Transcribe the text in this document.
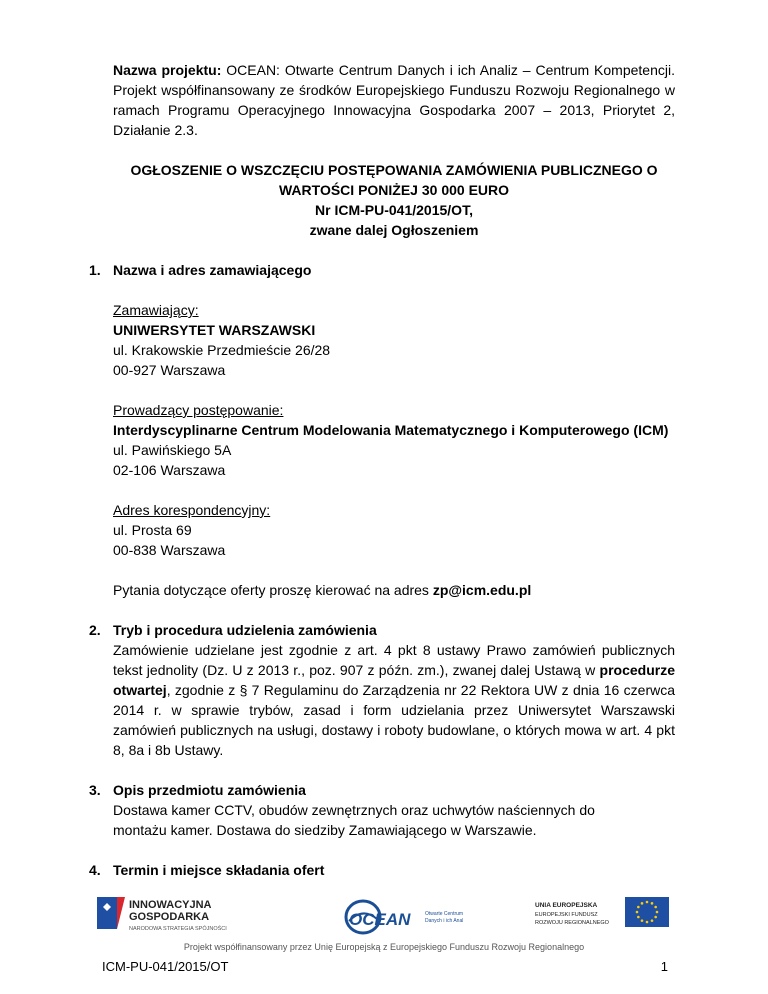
Nazwa projektu: OCEAN: Otwarte Centrum Danych i ich Analiz – Centrum Kompetencji. Projekt współfinansowany ze środków Europejskiego Funduszu Rozwoju Regionalnego w ramach Programu Operacyjnego Innowacyjna Gospodarka 2007 – 2013, Priorytet 2, Działanie 2.3.

OGŁOSZENIE O WSZCZĘCIU POSTĘPOWANIA ZAMÓWIENIA PUBLICZNEGO O

WARTOŚCI PONIŻEJ 30 000 EURO

Nr ICM-PU-041/2015/OT,

zwane dalej Ogłoszeniem

1. Nazwa i adres zamawiającego

Zamawiający:

UNIWERSYTET WARSZAWSKI

ul. Krakowskie Przedmieście 26/28

00-927 Warszawa

Prowadzący postępowanie:

Interdyscyplinarne Centrum Modelowania Matematycznego i Komputerowego (ICM)

ul. Pawińskiego 5A

02-106 Warszawa

Adres korespondencyjny:

ul. Prosta 69

00-838 Warszawa

Pytania dotyczące oferty proszę kierować na adres zp@icm.edu.pl

2. Tryb i procedura udzielenia zamówienia

Zamówienie udzielane jest zgodnie z art. 4 pkt 8 ustawy Prawo zamówień publicznych tekst jednolity (Dz. U z 2013 r., poz. 907 z późn. zm.), zwanej dalej Ustawą w procedurze otwartej, zgodnie z § 7 Regulaminu do Zarządzenia nr 22 Rektora UW z dnia 16 czerwca 2014 r. w sprawie trybów, zasad i form udzielania przez Uniwersytet Warszawski zamówień publicznych na usługi, dostawy i roboty budowlane, o których mowa w art. 4 pkt 8, 8a i 8b Ustawy.

3. Opis przedmiotu zamówienia

Dostawa kamer CCTV, obudów zewnętrznych oraz uchwytów naściennych do montażu kamer. Dostawa do siedziby Zamawiającego w Warszawie.

4. Termin i miejsce składania ofert

INNOWACYJNA
GOSPODARKA
NARODOWA STRATEGIA SPÓJNOŚCI	OCEAN	Otwarte Centrum
Danych i ich Analiz
UNIA EUROPEJSKA
EUROPEJSKI FUNDUSZ
ROZWOJU REGIONALNEGO
Projekt współfinansowany przez Unię Europejską z Europejskiego Funduszu Rozwoju Regionalnego
ICM-PU-041/2015/OT	1
